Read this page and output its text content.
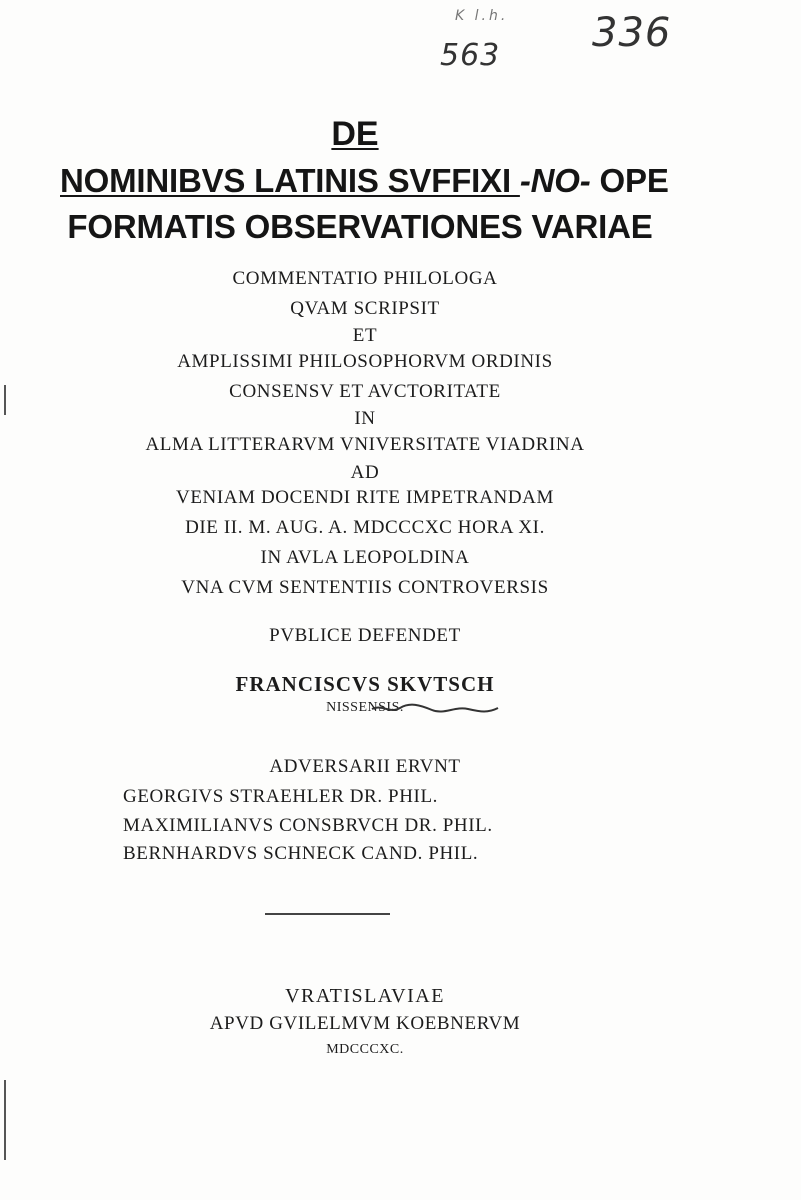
K l.h.
563 336
DE
NOMINIBVS LATINIS SVFFIXI -NO- OPE
FORMATIS OBSERVATIONES VARIAE
COMMENTATIO PHILOLOGA
QVAM SCRIPSIT
ET
AMPLISSIMI PHILOSOPHORVM ORDINIS
CONSENSV ET AVCTORITATE
IN
ALMA LITTERARVM VNIVERSITATE VIADRINA
AD
VENIAM DOCENDI RITE IMPETRANDAM
DIE II. M. AUG. A. MDCCCXC HORA XI.
IN AVLA LEOPOLDINA
VNA CVM SENTENTIIS CONTROVERSIS
PVBLICE DEFENDET
FRANCISCVS SKVTSCH
NISSENSIS.
ADVERSARII ERVNT
GEORGIVS STRAEHLER DR. PHIL.
MAXIMILIANVS CONSBRVCH DR. PHIL.
BERNHARDVS SCHNECK CAND. PHIL.
VRATISLAVIAE
APVD GVILELMVM KOEBNERVM
MDCCCXC.
